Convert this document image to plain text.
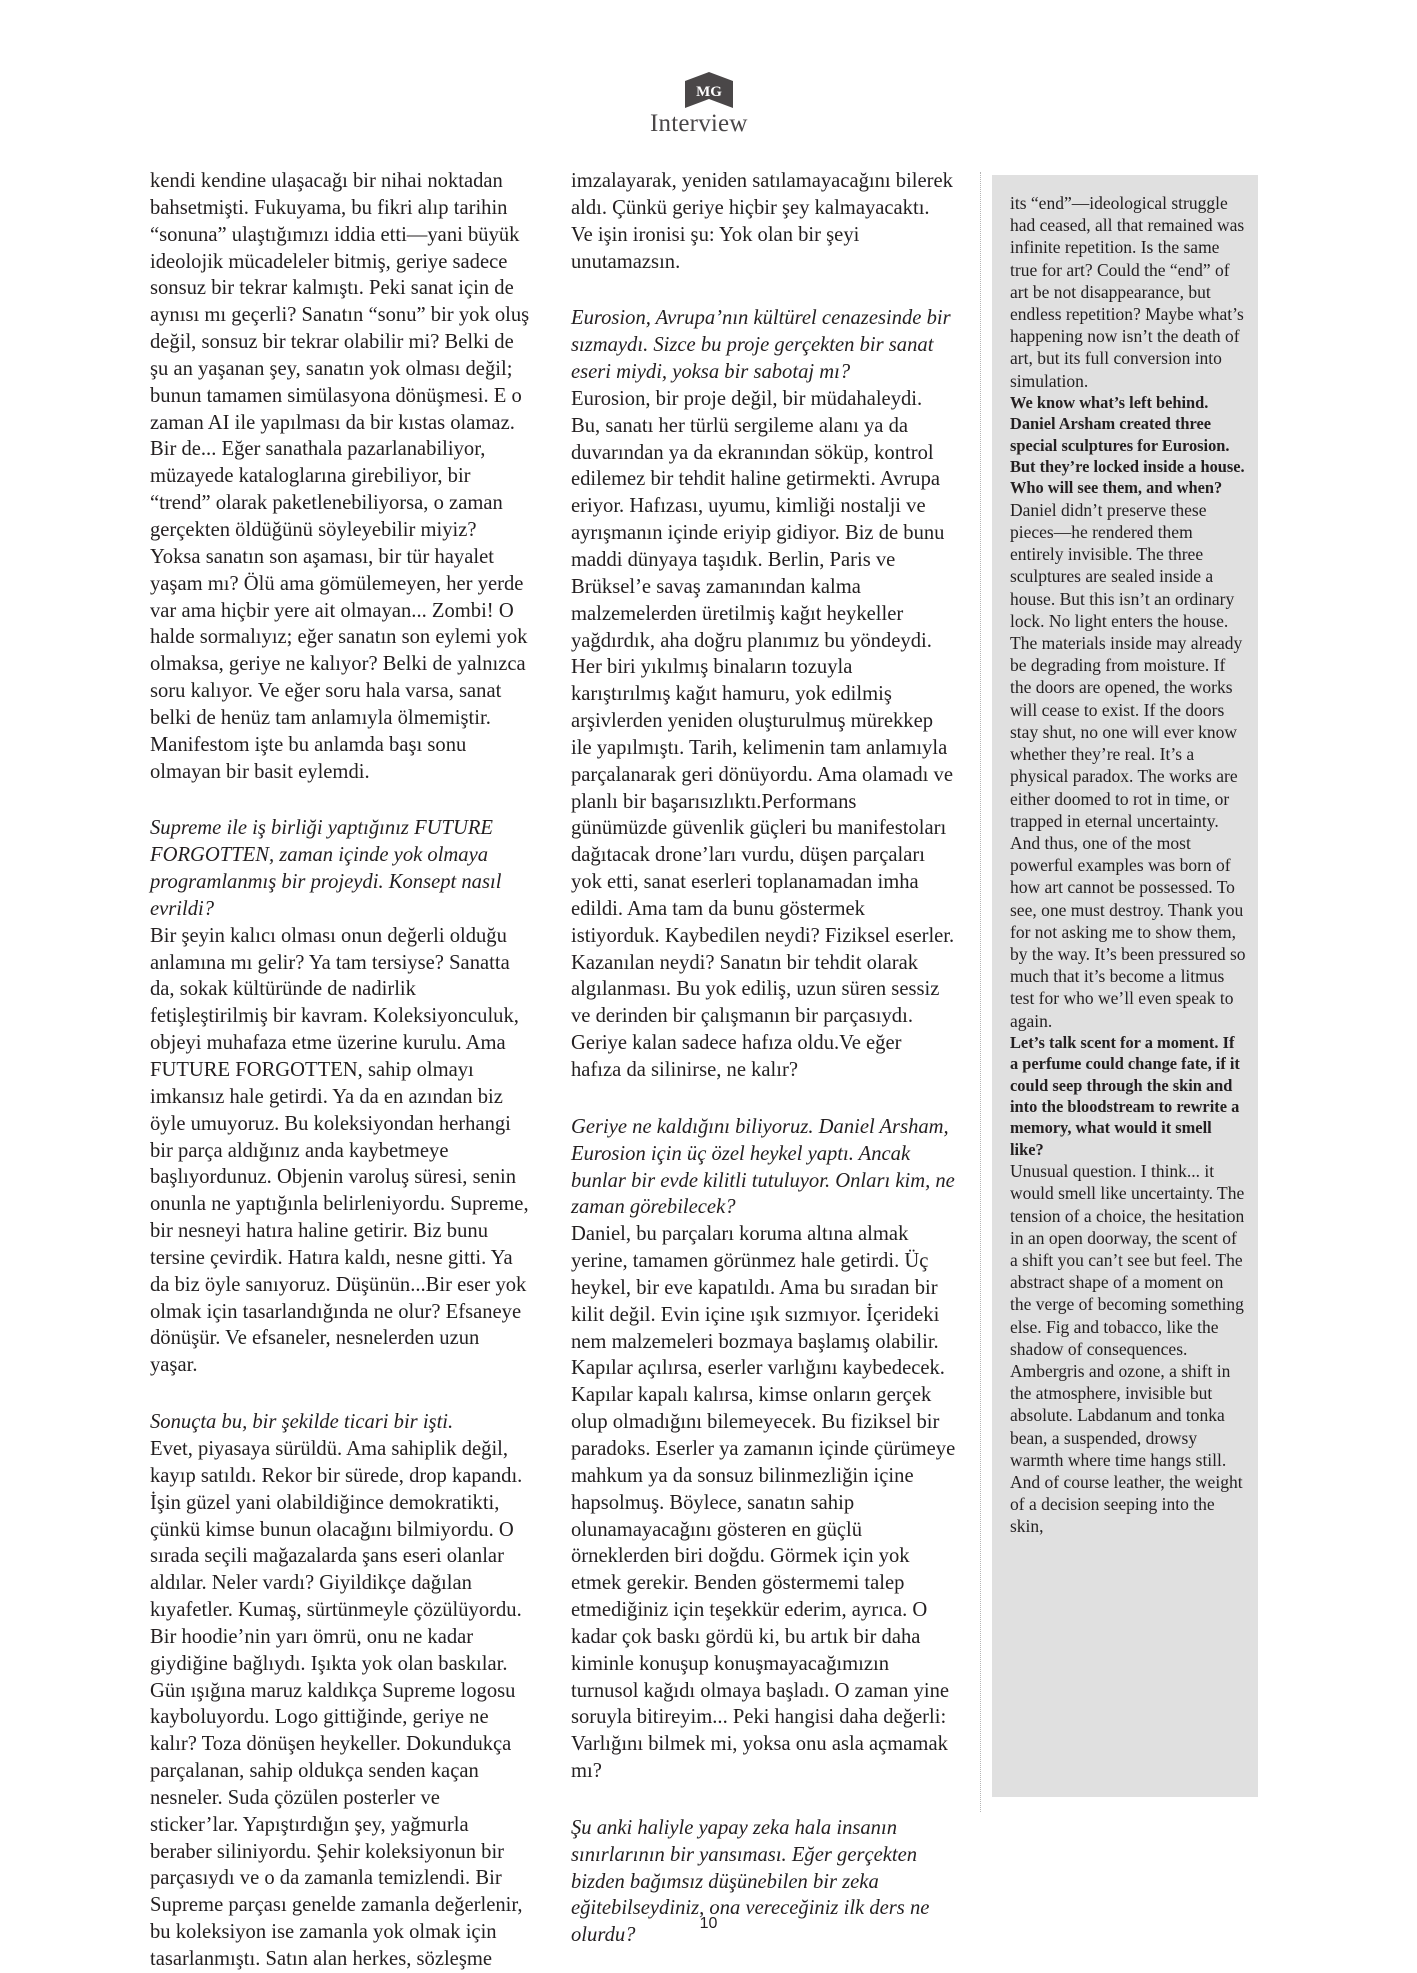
MG
Interview

kendi kendine ulaşacağı bir nihai noktadan bahsetmişti. Fukuyama, bu fikri alıp tarihin “sonuna” ulaştığımızı iddia etti—yani büyük ideolojik mücadeleler bitmiş, geriye sadece sonsuz bir tekrar kalmıştı. Peki sanat için de aynısı mı geçerli? Sanatın “sonu” bir yok oluş değil, sonsuz bir tekrar olabilir mi? Belki de şu an yaşanan şey, sanatın yok olması değil; bunun tamamen simülasyona dönüşmesi. E o zaman AI ile yapılması da bir kıstas olamaz. Bir de... Eğer sanathala pazarlanabiliyor, müzayede kataloglarına girebiliyor, bir “trend” olarak paketlenebiliyorsa, o zaman gerçekten öldüğünü söyleyebilir miyiz? Yoksa sanatın son aşaması, bir tür hayalet yaşam mı? Ölü ama gömülemeyen, her yerde var ama hiçbir yere ait olmayan... Zombi! O halde sormalıyız; eğer sanatın son eylemi yok olmaksa, geriye ne kalıyor? Belki de yalnızca soru kalıyor. Ve eğer soru hala varsa, sanat belki de henüz tam anlamıyla ölmemiştir. Manifestom işte bu anlamda başı sonu olmayan bir basit eylemdi.

Supreme ile iş birliği yaptığınız FUTURE FORGOTTEN, zaman içinde yok olmaya programlanmış bir projeydi. Konsept nasıl evrildi?
Bir şeyin kalıcı olması onun değerli olduğu anlamına mı gelir? Ya tam tersiyse? Sanatta da, sokak kültüründe de nadirlik fetişleştirilmiş bir kavram. Koleksiyonculuk, objeyi muhafaza etme üzerine kurulu. Ama FUTURE FORGOTTEN, sahip olmayı imkansız hale getirdi. Ya da en azından biz öyle umuyoruz. Bu koleksiyondan herhangi bir parça aldığınız anda kaybetmeye başlıyordunuz. Objenin varoluş süresi, senin onunla ne yaptığınla belirleniyordu. Supreme, bir nesneyi hatıra haline getirir. Biz bunu tersine çevirdik. Hatıra kaldı, nesne gitti. Ya da biz öyle sanıyoruz. Düşünün...Bir eser yok olmak için tasarlandığında ne olur? Efsaneye dönüşür. Ve efsaneler, nesnelerden uzun yaşar.

Sonuçta bu, bir şekilde ticari bir işti.
Evet, piyasaya sürüldü. Ama sahiplik değil, kayıp satıldı. Rekor bir sürede, drop kapandı. İşin güzel yani olabildiğince demokratikti, çünkü kimse bunun olacağını bilmiyordu. O sırada seçili mağazalarda şans eseri olanlar aldılar. Neler vardı? Giyildikçe dağılan kıyafetler. Kumaş, sürtünmeyle çözülüyordu. Bir hoodie’nin yarı ömrü, onu ne kadar giydiğine bağlıydı. Işıkta yok olan baskılar. Gün ışığına maruz kaldıkça Supreme logosu kayboluyordu. Logo gittiğinde, geriye ne kalır? Toza dönüşen heykeller. Dokundukça parçalanan, sahip oldukça senden kaçan nesneler. Suda çözülen posterler ve sticker’lar. Yapıştırdığın şey, yağmurla beraber siliniyordu. Şehir koleksiyonun bir parçasıydı ve o da zamanla temizlendi. Bir Supreme parçası genelde zamanla değerlenir, bu koleksiyon ise zamanla yok olmak için tasarlanmıştı. Satın alan herkes, sözleşme

imzalayarak, yeniden satılamayacağını bilerek aldı. Çünkü geriye hiçbir şey kalmayacaktı. Ve işin ironisi şu: Yok olan bir şeyi unutamazsın.

Eurosion, Avrupa’nın kültürel cenazesinde bir sızmaydı. Sizce bu proje gerçekten bir sanat eseri miydi, yoksa bir sabotaj mı?
Eurosion, bir proje değil, bir müdahaleydi. Bu, sanatı her türlü sergileme alanı ya da duvarından ya da ekranından söküp, kontrol edilemez bir tehdit haline getirmekti. Avrupa eriyor. Hafızası, uyumu, kimliği nostalji ve ayrışmanın içinde eriyip gidiyor. Biz de bunu maddi dünyaya taşıdık. Berlin, Paris ve Brüksel’e savaş zamanından kalma malzemelerden üretilmiş kağıt heykeller yağdırdık, aha doğru planımız bu yöndeydi. Her biri yıkılmış binaların tozuyla karıştırılmış kağıt hamuru, yok edilmiş arşivlerden yeniden oluşturulmuş mürekkep ile yapılmıştı. Tarih, kelimenin tam anlamıyla parçalanarak geri dönüyordu. Ama olamadı ve planlı bir başarısızlıktı.Performans günümüzde güvenlik güçleri bu manifestoları dağıtacak drone’ları vurdu, düşen parçaları yok etti, sanat eserleri toplanamadan imha edildi. Ama tam da bunu göstermek istiyorduk. Kaybedilen neydi? Fiziksel eserler. Kazanılan neydi? Sanatın bir tehdit olarak algılanması. Bu yok ediliş, uzun süren sessiz ve derinden bir çalışmanın bir parçasıydı. Geriye kalan sadece hafıza oldu.Ve eğer hafıza da silinirse, ne kalır?

Geriye ne kaldığını biliyoruz. Daniel Arsham, Eurosion için üç özel heykel yaptı. Ancak bunlar bir evde kilitli tutuluyor. Onları kim, ne zaman görebilecek?
Daniel, bu parçaları koruma altına almak yerine, tamamen görünmez hale getirdi. Üç heykel, bir eve kapatıldı. Ama bu sıradan bir kilit değil. Evin içine ışık sızmıyor. İçerideki nem malzemeleri bozmaya başlamış olabilir. Kapılar açılırsa, eserler varlığını kaybedecek. Kapılar kapalı kalırsa, kimse onların gerçek olup olmadığını bilemeyecek. Bu fiziksel bir paradoks. Eserler ya zamanın içinde çürümeye mahkum ya da sonsuz bilinmezliğin içine hapsolmuş. Böylece, sanatın sahip olunamayacağını gösteren en güçlü örneklerden biri doğdu. Görmek için yok etmek gerekir. Benden göstermemi talep etmediğiniz için teşekkür ederim, ayrıca. O kadar çok baskı gördü ki, bu artık bir daha kiminle konuşup konuşmayacağımızın turnusol kağıdı olmaya başladı. O zaman yine soruyla bitireyim... Peki hangisi daha değerli: Varlığını bilmek mi, yoksa onu asla açmamak mı?

Şu anki haliyle yapay zeka hala insanın sınırlarının bir yansıması. Eğer gerçekten bizden bağımsız düşünebilen bir zeka eğitebilseydiniz, ona vereceğiniz ilk ders ne olurdu?

its “end”—ideological struggle had ceased, all that remained was infinite repetition. Is the same true for art? Could the “end” of art be not disappearance, but endless repetition? Maybe what’s happening now isn’t the death of art, but its full conversion into simulation.

We know what’s left behind. Daniel Arsham created three special sculptures for Eurosion. But they’re locked inside a house. Who will see them, and when?

Daniel didn’t preserve these pieces—he rendered them entirely invisible. The three sculptures are sealed inside a house. But this isn’t an ordinary lock. No light enters the house. The materials inside may already be degrading from moisture. If the doors are opened, the works will cease to exist. If the doors stay shut, no one will ever know whether they’re real. It’s a physical paradox. The works are either doomed to rot in time, or trapped in eternal uncertainty. And thus, one of the most powerful examples was born of how art cannot be possessed. To see, one must destroy. Thank you for not asking me to show them, by the way. It’s been pressured so much that it’s become a litmus test for who we’ll even speak to again.

Let’s talk scent for a moment. If a perfume could change fate, if it could seep through the skin and into the bloodstream to rewrite a memory, what would it smell like?

Unusual question. I think... it would smell like uncertainty. The tension of a choice, the hesitation in an open doorway, the scent of a shift you can’t see but feel. The abstract shape of a moment on the verge of becoming something else. Fig and tobacco, like the shadow of consequences. Ambergris and ozone, a shift in the atmosphere, invisible but absolute. Labdanum and tonka bean, a suspended, drowsy warmth where time hangs still. And of course leather, the weight of a decision seeping into the skin,

10
